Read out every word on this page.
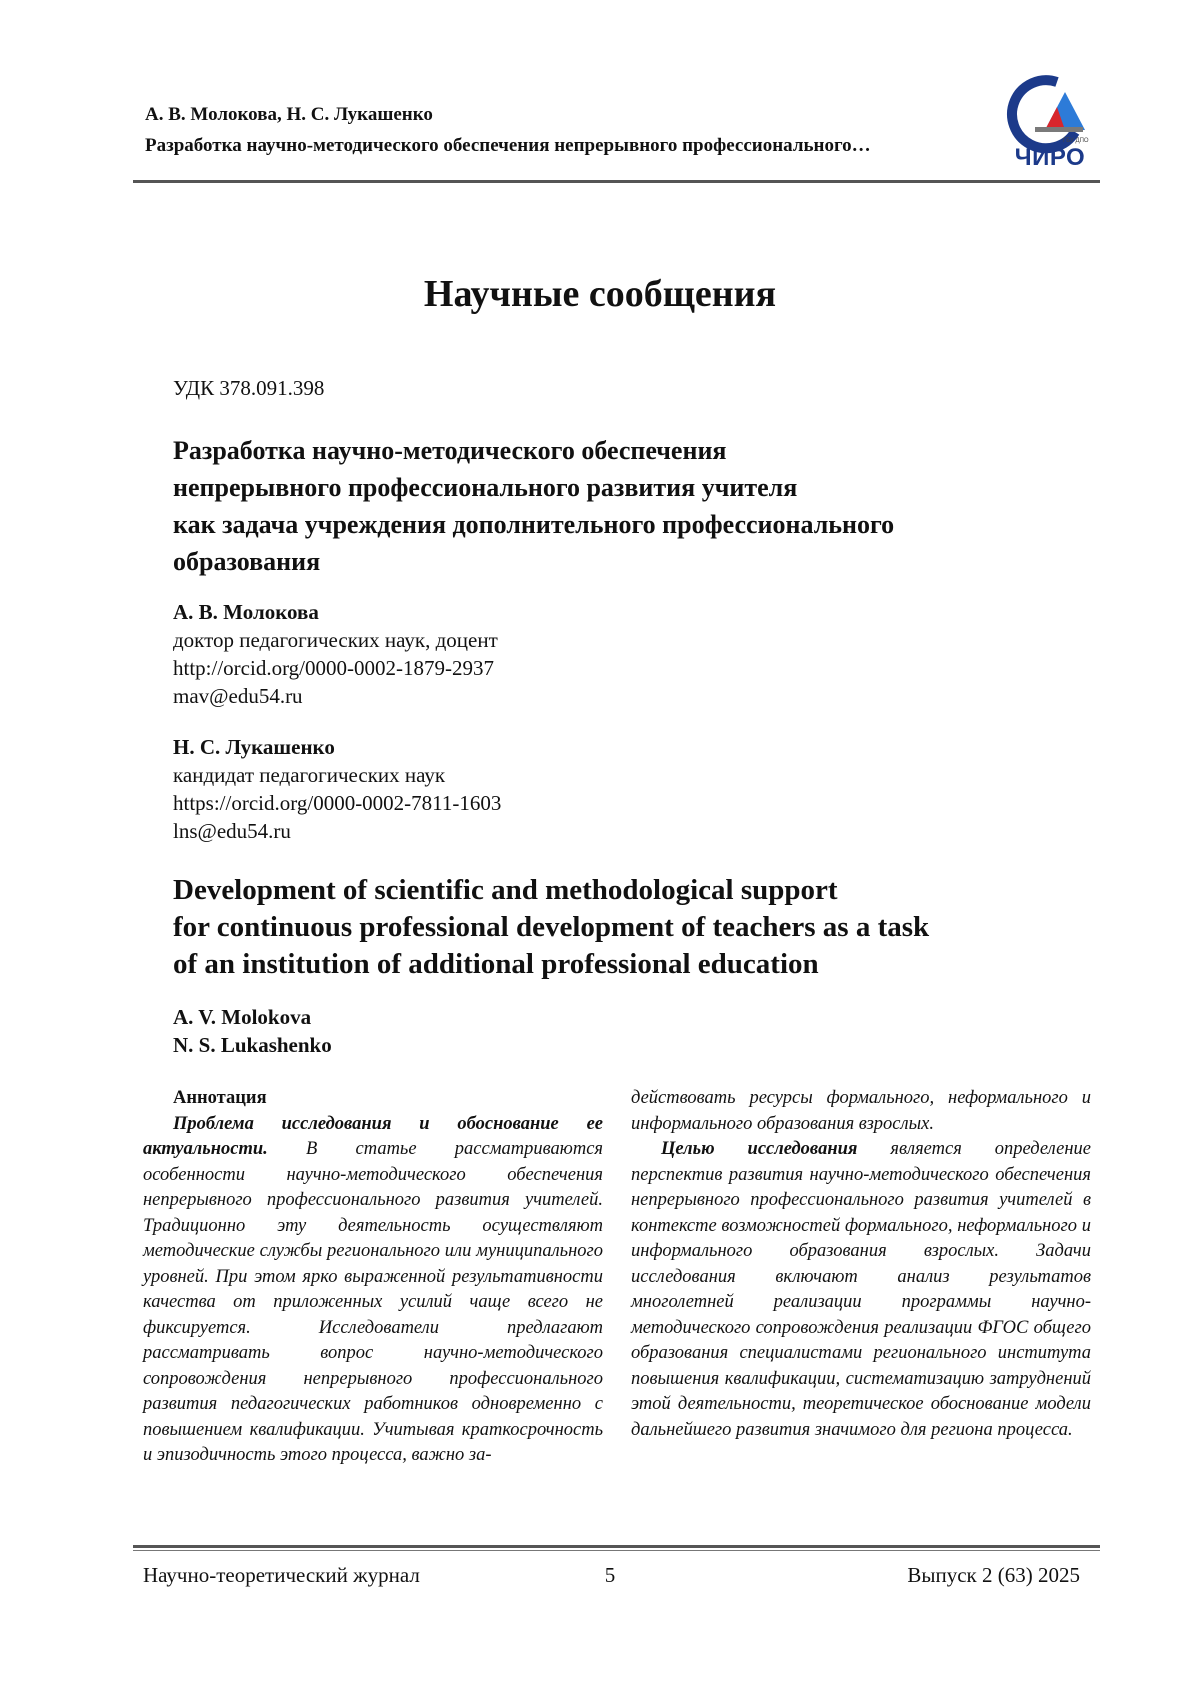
А. В. Молокова, Н. С. Лукашенко
Разработка научно-методического обеспечения непрерывного профессионального…	ГБУ ДПО
ЧИРО
Научные сообщения
УДК 378.091.398
Разработка научно-методического обеспечения
непрерывного профессионального развития учителя
как задача учреждения дополнительного профессионального
образования
А. В. Молокова
доктор педагогических наук, доцент
http://orcid.org/0000-0002-1879-2937
mav@edu54.ru
Н. С. Лукашенко
кандидат педагогических наук
https://orcid.org/0000-0002-7811-1603
lns@edu54.ru
Development of scientific and methodological support
for continuous professional development of teachers as a task
of an institution of additional professional education
A. V. Molokova
N. S. Lukashenko

Аннотация

Проблема исследования и обоснование ее актуальности. В статье рассматриваются особенности научно-методического обеспечения непрерывного профессионального развития учителей. Традиционно эту деятельность осуществляют методические службы регионального или муниципального уровней. При этом ярко выраженной результативности качества от приложенных усилий чаще всего не фиксируется. Исследователи предлагают рассматривать вопрос научно-методического сопровождения непрерывного профессионального развития педагогических работников одновременно с повышением квалификации. Учитывая краткосрочность и эпизодичность этого процесса, важно за-

действовать ресурсы формального, неформального и информального образования взрослых.

Целью исследования является определение перспектив развития научно-методического обеспечения непрерывного профессионального развития учителей в контексте возможностей формального, неформального и информального образования взрослых. Задачи исследования включают анализ результатов многолетней реализации программы научно-методического сопровождения реализации ФГОС общего образования специалистами регионального института повышения квалификации, систематизацию затруднений этой деятельности, теоретическое обоснование модели дальнейшего развития значимого для региона процесса.

Научно-теоретический журнал	5	Выпуск 2 (63) 2025
